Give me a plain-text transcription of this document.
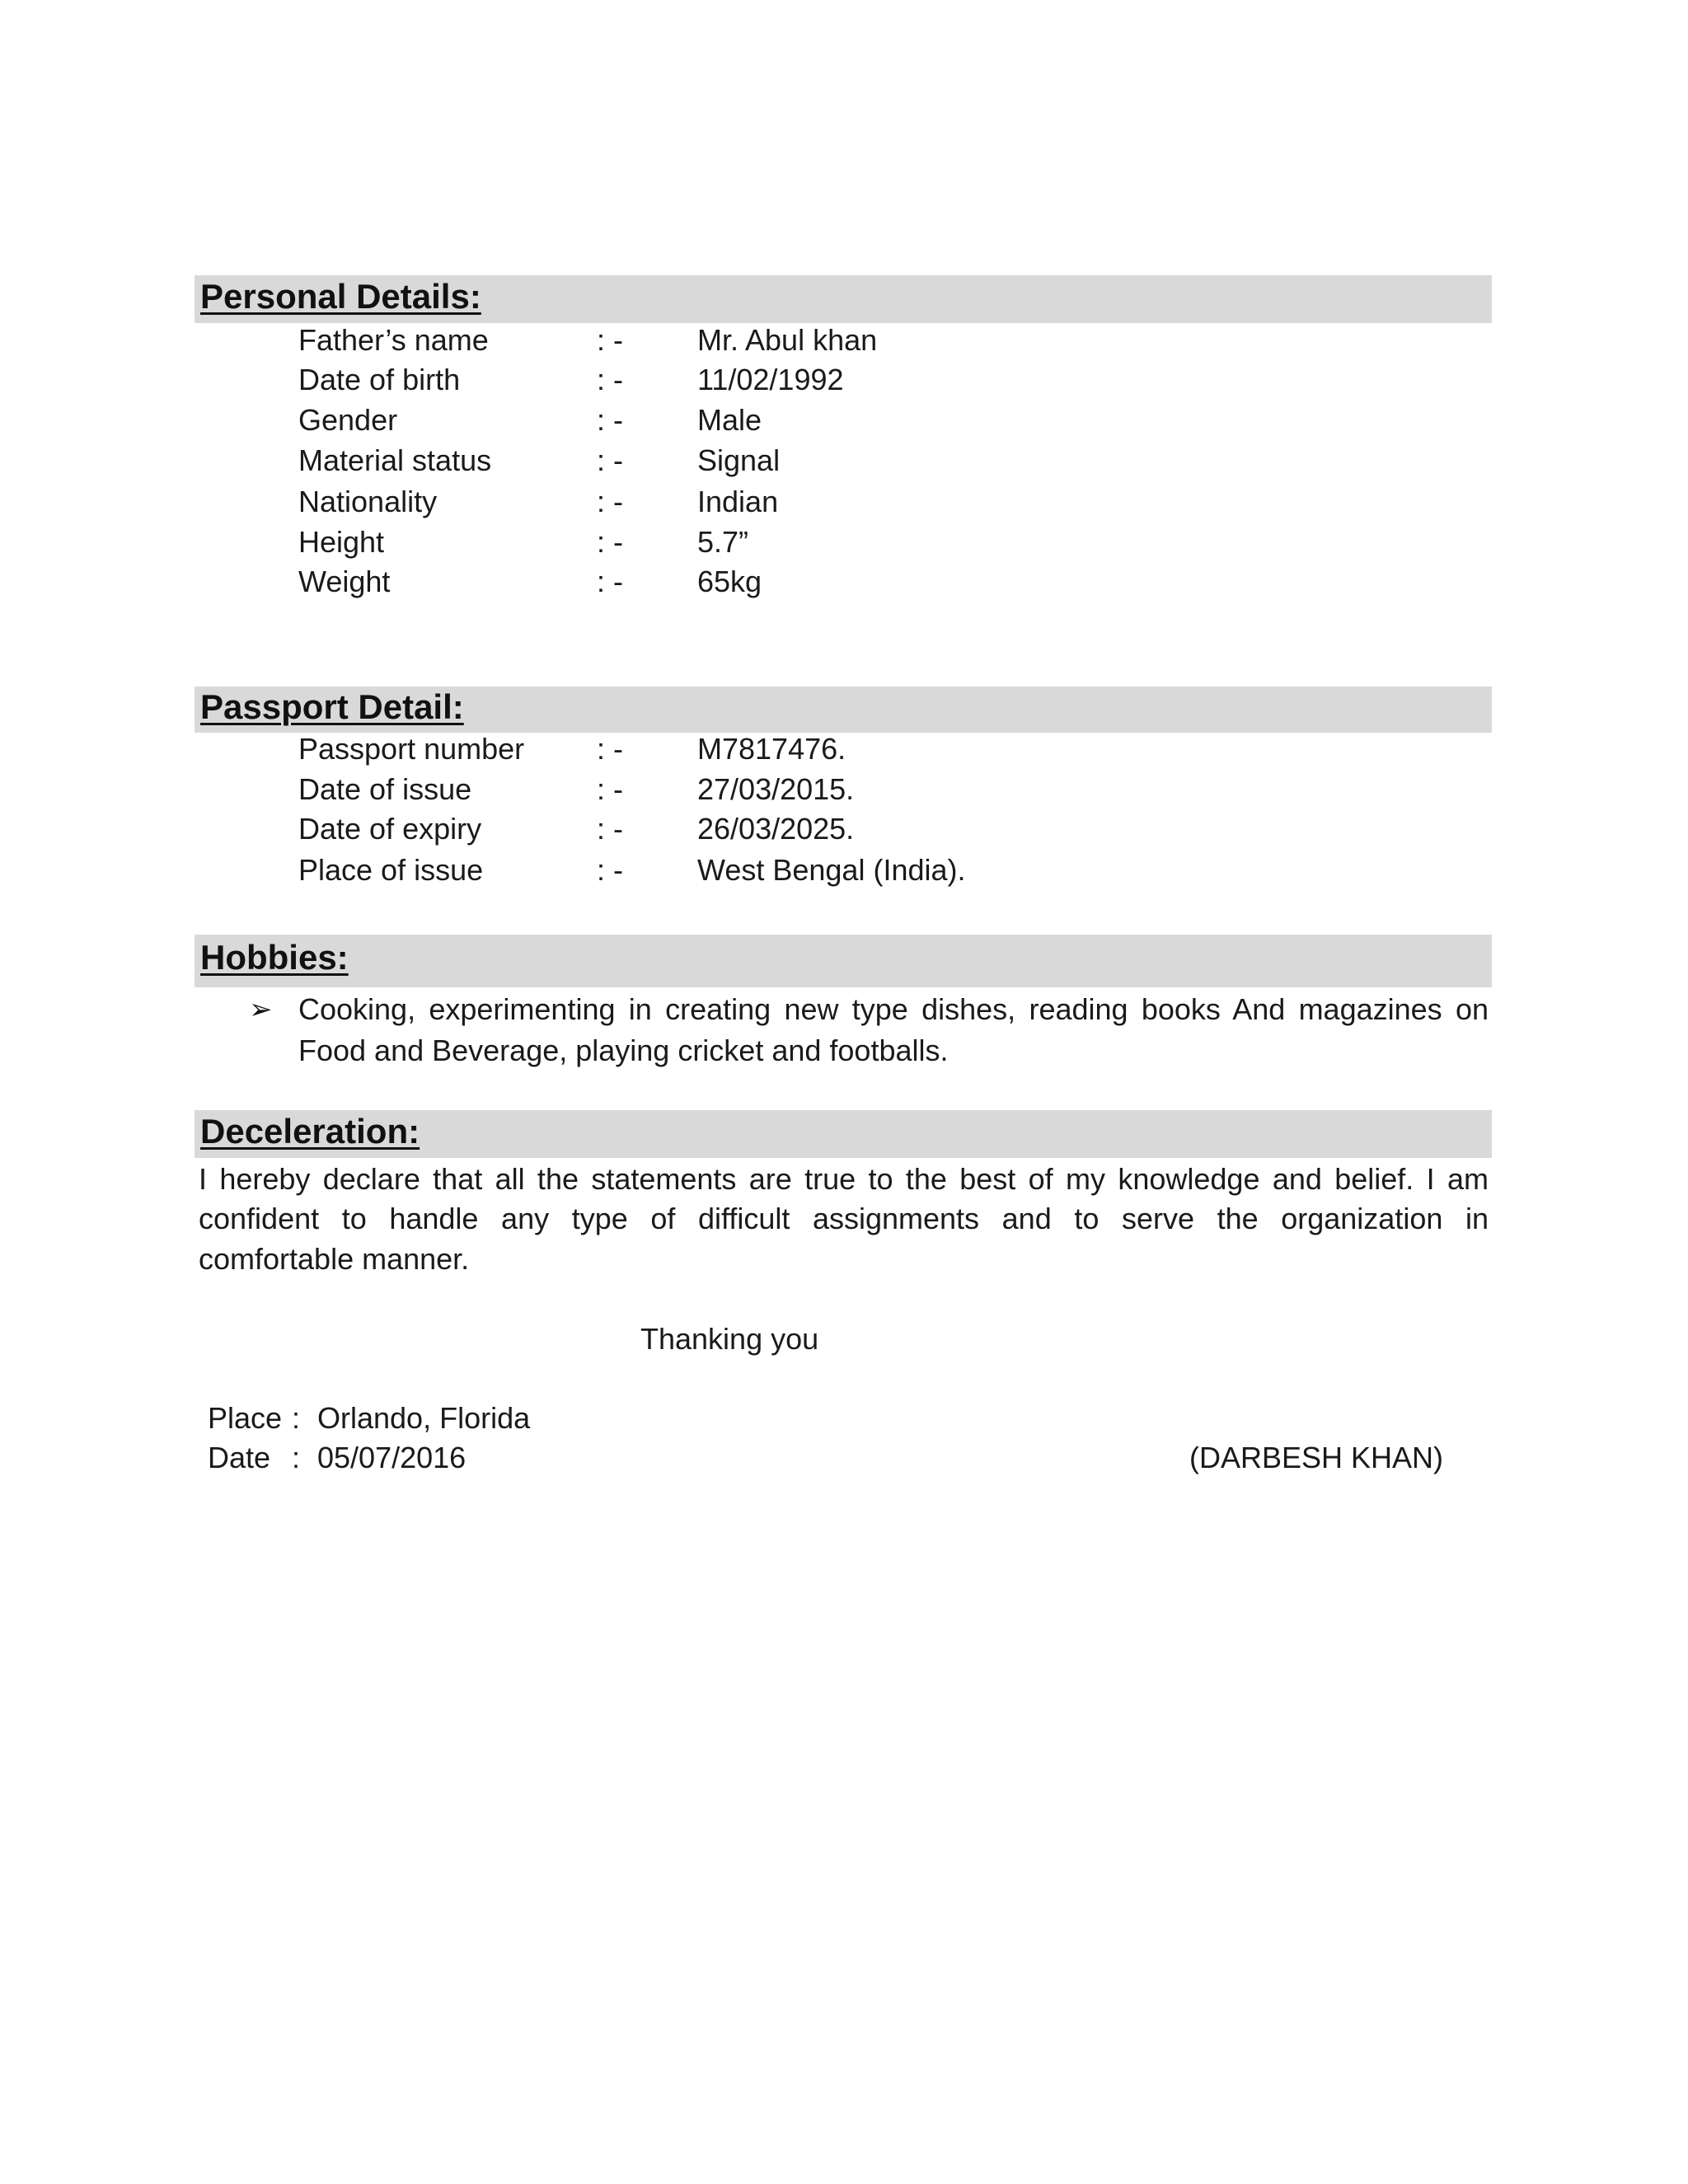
Personal Details:
Father’s name	: -	Mr. Abul khan
Date of birth	: -	11/02/1992
Gender	: -	Male
Material status	: -	Signal
Nationality	: -	Indian
Height	: -	5.7”
Weight	: -	65kg
Passport Detail:
Passport number : -	M7817476.
Date of issue	: -	27/03/2015.
Date of expiry	: -	26/03/2025.
Place of issue	: -	West Bengal (India).
Hobbies:
➢ Cooking, experimenting in creating new type dishes, reading books And magazines on
Food and Beverage, playing cricket and footballs.
Deceleration:
I hereby declare that all the statements are true to the best of my knowledge and belief. I am
confident to handle any type of difficult assignments and to serve the organization in
comfortable manner.
Thanking you
Place : Orlando, Florida
Date : 05/07/2016	(DARBESH KHAN)
